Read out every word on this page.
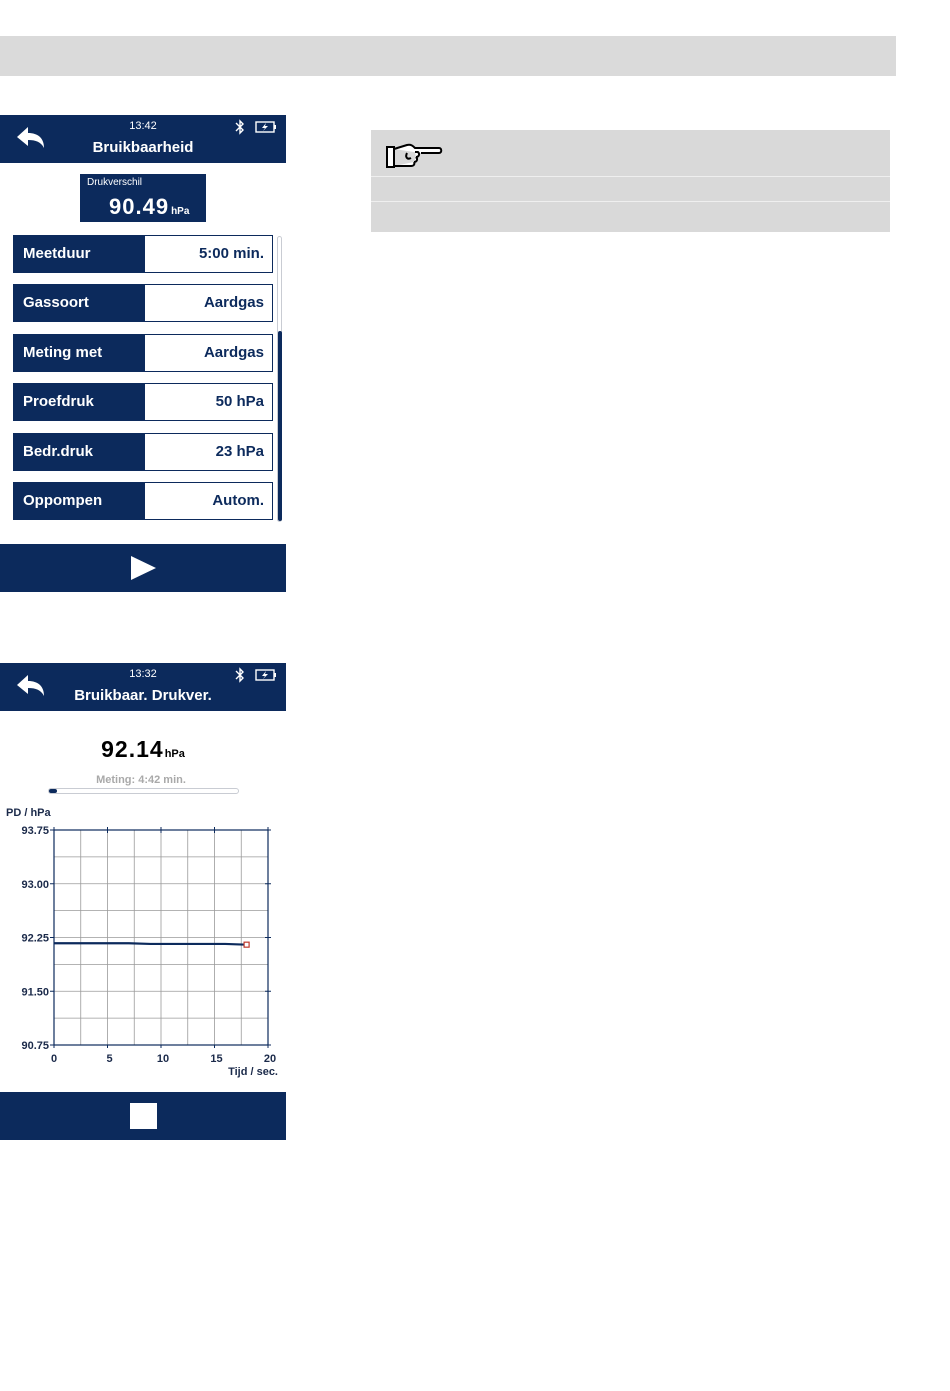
13:42
Bruikbaarheid
Drukverschil
90.49 hPa
Meetduur	5:00 min.
Gassoort	Aardgas
Meting met	Aardgas
Proefdruk	50 hPa
Bedr.druk	23 hPa
Oppompen	Autom.
13:32
Bruikbaar. Drukver.
92.14hPa
Meting: 4:42 min.
93.75
93.00
92.25
91.50
90.75
0	5	10	15	20
PD / hPa
Tijd / sec.
